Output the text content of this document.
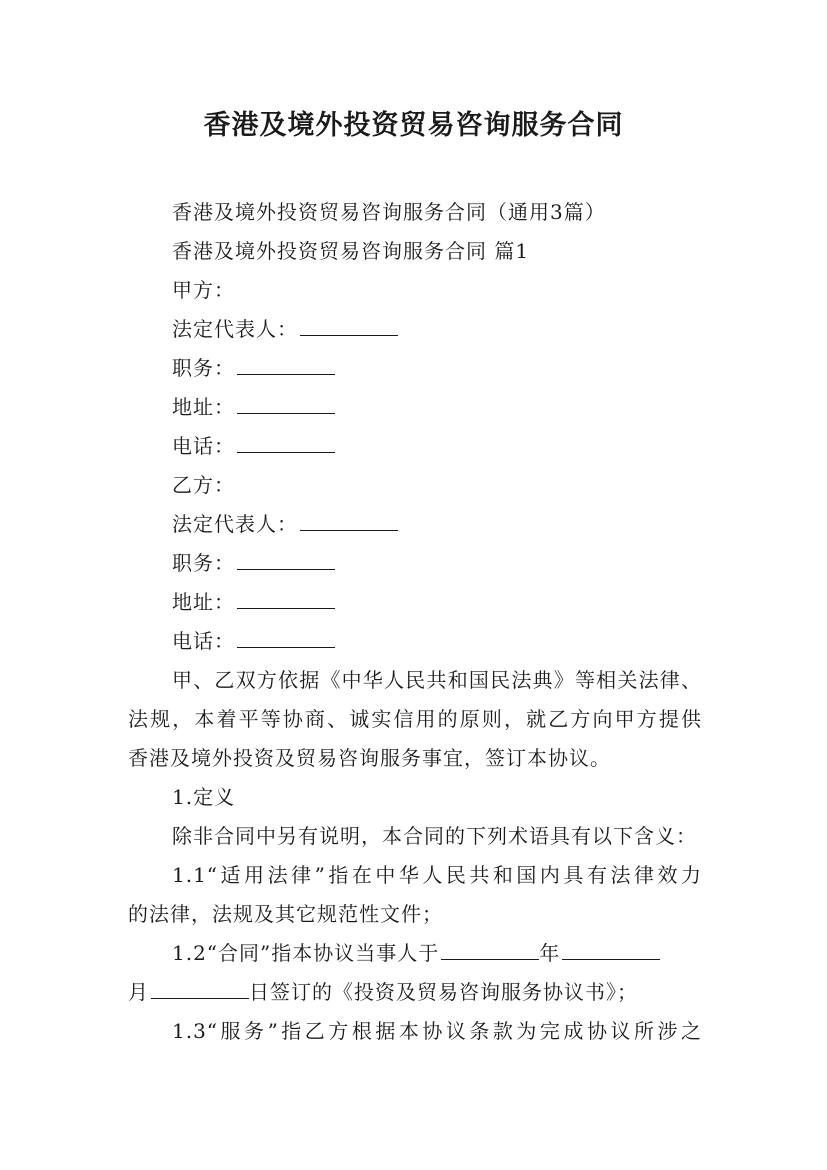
香港及境外投资贸易咨询服务合同
香港及境外投资贸易咨询服务合同（通用3篇）
香港及境外投资贸易咨询服务合同 篇1
甲方：
法定代表人：
职务：
地址：
电话：
乙方：
法定代表人：
职务：
地址：
电话：
甲、乙双方依据《中华人民共和国民法典》等相关法律、
法规，本着平等协商、诚实信用的原则，就乙方向甲方提供
香港及境外投资及贸易咨询服务事宜，签订本协议。
1.定义
除非合同中另有说明，本合同的下列术语具有以下含义：
1.1“适用法律”指在中华人民共和国内具有法律效力
的法律，法规及其它规范性文件；
1.2“合同”指本协议当事人于	年
月	日签订的《投资及贸易咨询服务协议书》；
1.3“服务”指乙方根据本协议条款为完成协议所涉之
